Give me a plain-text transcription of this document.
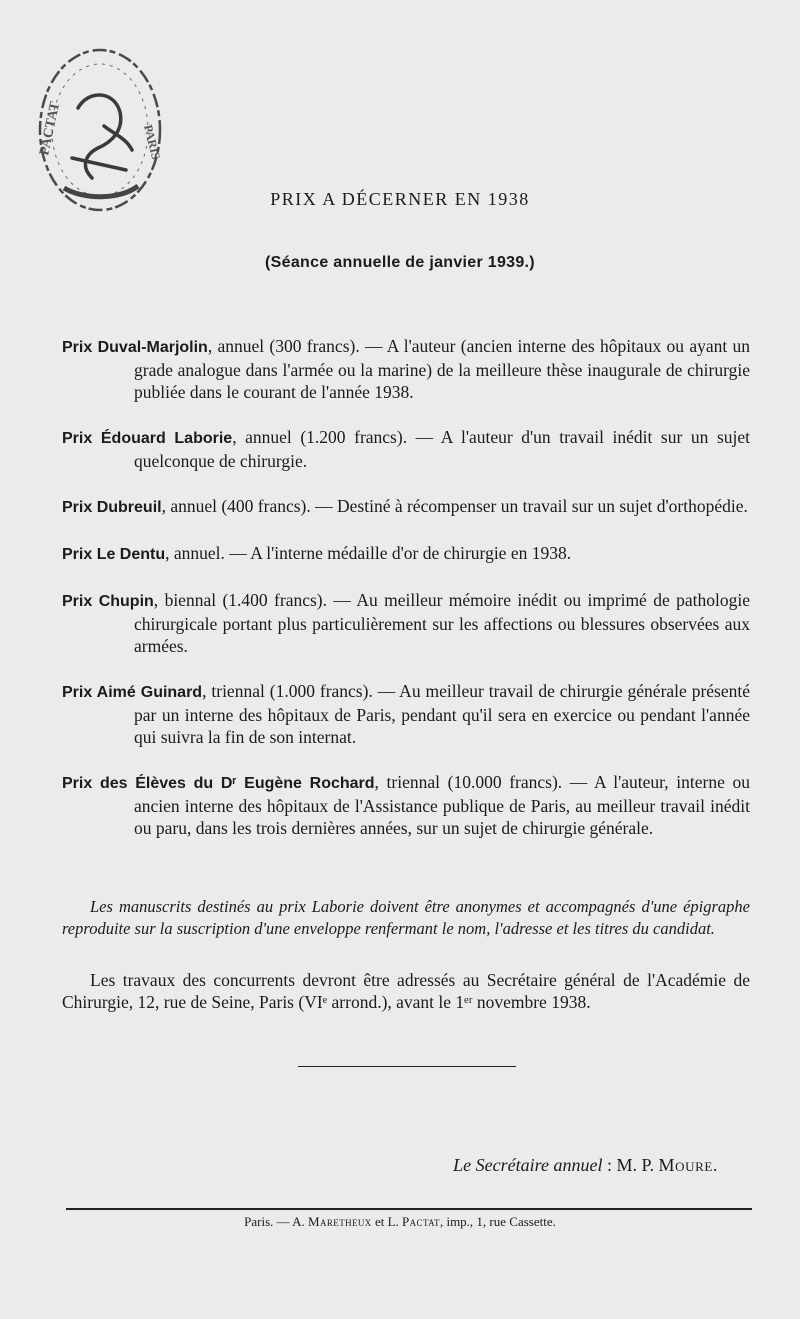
PACTAT	PARIS
PRIX A DÉCERNER EN 1938
(Séance annuelle de janvier 1939.)

Prix Duval-Marjolin, annuel (300 francs). — A l'auteur (ancien interne des hôpitaux ou ayant un grade analogue dans l'armée ou la marine) de la meilleure thèse inaugurale de chirurgie publiée dans le courant de l'année 1938.

Prix Édouard Laborie, annuel (1.200 francs). — A l'auteur d'un travail inédit sur un sujet quelconque de chirurgie.

Prix Dubreuil, annuel (400 francs). — Destiné à récompenser un travail sur un sujet d'orthopédie.

Prix Le Dentu, annuel. — A l'interne médaille d'or de chirurgie en 1938.

Prix Chupin, biennal (1.400 francs). — Au meilleur mémoire inédit ou imprimé de pathologie chirurgicale portant plus particulièrement sur les affections ou blessures observées aux armées.

Prix Aimé Guinard, triennal (1.000 francs). — Au meilleur travail de chirurgie générale présenté par un interne des hôpitaux de Paris, pendant qu'il sera en exercice ou pendant l'année qui suivra la fin de son internat.

Prix des Élèves du Dʳ Eugène Rochard, triennal (10.000 francs). — A l'auteur, interne ou ancien interne des hôpitaux de l'Assistance publique de Paris, au meilleur travail inédit ou paru, dans les trois dernières années, sur un sujet de chirurgie générale.

Les manuscrits destinés au prix Laborie doivent être anonymes et accompagnés d'une épigraphe reproduite sur la suscription d'une enveloppe renfermant le nom, l'adresse et les titres du candidat.

Les travaux des concurrents devront être adressés au Secrétaire général de l'Académie de Chirurgie, 12, rue de Seine, Paris (VIᵉ arrond.), avant le 1ᵉʳ novembre 1938.

Le Secrétaire annuel : M. P. Moure.
Paris. — A. Maretheux et L. Pactat, imp., 1, rue Cassette.
